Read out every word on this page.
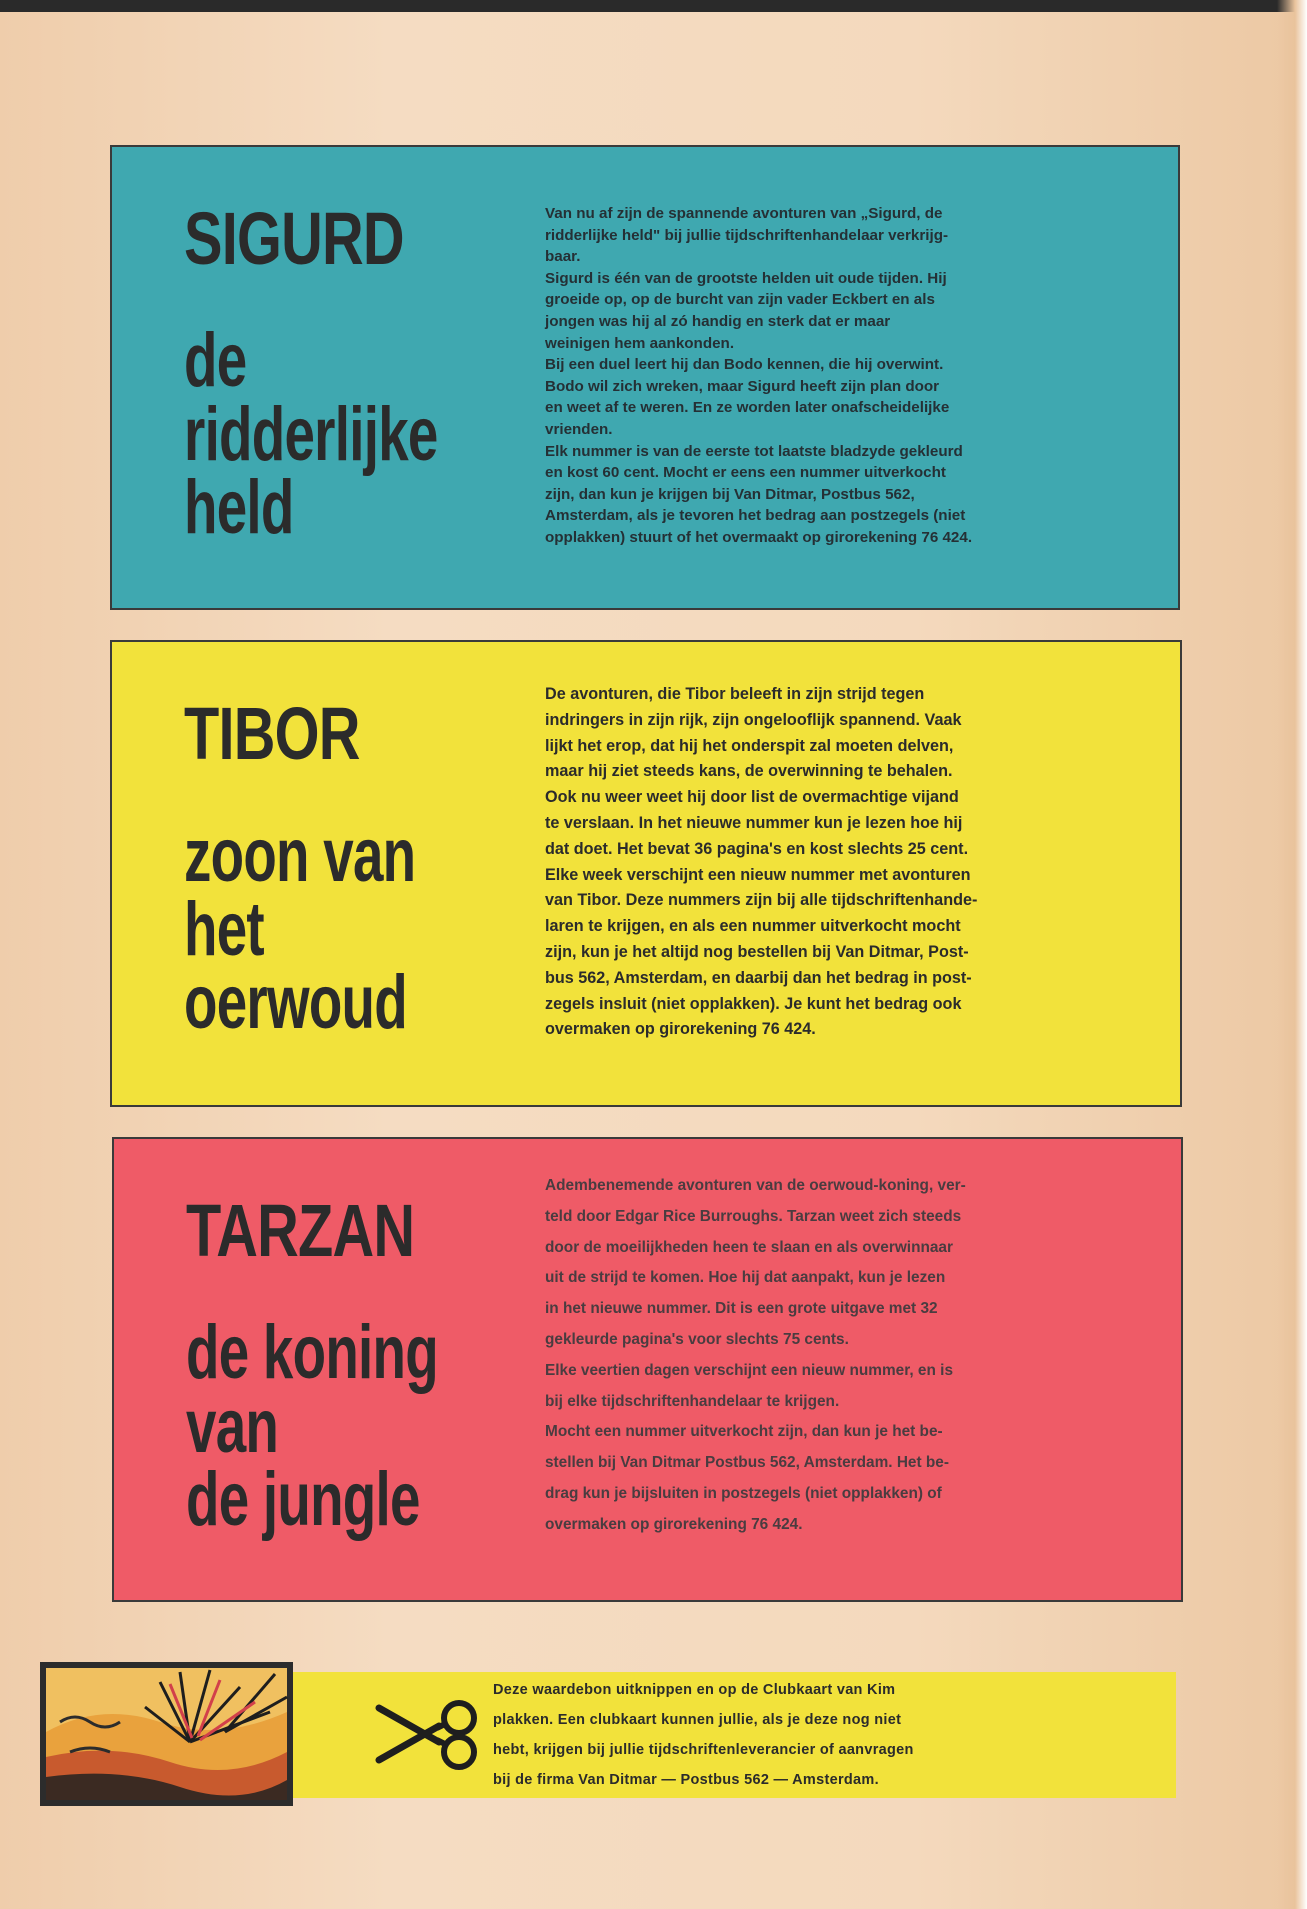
SIGURD
de
ridderlijke
held
Van nu af zijn de spannende avonturen van „Sigurd, de
ridderlijke held" bij jullie tijdschriftenhandelaar verkrijg-
baar.
Sigurd is één van de grootste helden uit oude tijden. Hij
groeide op, op de burcht van zijn vader Eckbert en als
jongen was hij al zó handig en sterk dat er maar
weinigen hem aankonden.
Bij een duel leert hij dan Bodo kennen, die hij overwint.
Bodo wil zich wreken, maar Sigurd heeft zijn plan door
en weet af te weren. En ze worden later onafscheidelijke
vrienden.
Elk nummer is van de eerste tot laatste bladzyde gekleurd
en kost 60 cent. Mocht er eens een nummer uitverkocht
zijn, dan kun je krijgen bij Van Ditmar, Postbus 562,
Amsterdam, als je tevoren het bedrag aan postzegels (niet
opplakken) stuurt of het overmaakt op girorekening 76 424.
TIBOR
zoon van
het
oerwoud
De avonturen, die Tibor beleeft in zijn strijd tegen
indringers in zijn rijk, zijn ongelooflijk spannend. Vaak
lijkt het erop, dat hij het onderspit zal moeten delven,
maar hij ziet steeds kans, de overwinning te behalen.
Ook nu weer weet hij door list de overmachtige vijand
te verslaan. In het nieuwe nummer kun je lezen hoe hij
dat doet. Het bevat 36 pagina's en kost slechts 25 cent.
Elke week verschijnt een nieuw nummer met avonturen
van Tibor. Deze nummers zijn bij alle tijdschriftenhande-
laren te krijgen, en als een nummer uitverkocht mocht
zijn, kun je het altijd nog bestellen bij Van Ditmar, Post-
bus 562, Amsterdam, en daarbij dan het bedrag in post-
zegels insluit (niet opplakken). Je kunt het bedrag ook
overmaken op girorekening 76 424.
TARZAN
de koning
van
de jungle
Adembenemende avonturen van de oerwoud-koning, ver-
teld door Edgar Rice Burroughs. Tarzan weet zich steeds
door de moeilijkheden heen te slaan en als overwinnaar
uit de strijd te komen. Hoe hij dat aanpakt, kun je lezen
in het nieuwe nummer. Dit is een grote uitgave met 32
gekleurde pagina's voor slechts 75 cents.
Elke veertien dagen verschijnt een nieuw nummer, en is
bij elke tijdschriftenhandelaar te krijgen.
Mocht een nummer uitverkocht zijn, dan kun je het be-
stellen bij Van Ditmar Postbus 562, Amsterdam. Het be-
drag kun je bijsluiten in postzegels (niet opplakken) of
overmaken op girorekening 76 424.
Deze waardebon uitknippen en op de Clubkaart van Kim
plakken. Een clubkaart kunnen jullie, als je deze nog niet
hebt, krijgen bij jullie tijdschriftenleverancier of aanvragen
bij de firma Van Ditmar — Postbus 562 — Amsterdam.
